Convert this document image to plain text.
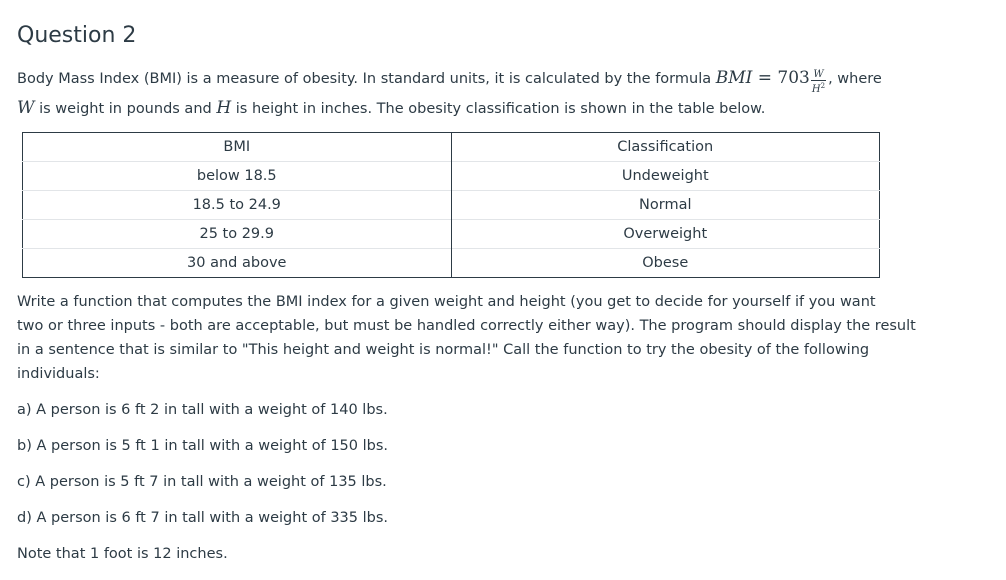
Question 2
Body Mass Index (BMI) is a measure of obesity. In standard units, it is calculated by the formula BMI = $703 \frac{W}{H^2}$ , where
W is weight in pounds and H is height in inches. The obesity classification is shown in the table below.
BMI	Classification
below 18.5	Undeweight
18.5 to 24.9	Normal
25 to 29.9	Overweight
30 and above	Obese
Write a function that computes the BMI index for a given weight and height (you get to decide for yourself if you want
two or three inputs - both are acceptable, but must be handled correctly either way). The program should display the result
in a sentence that is similar to "This height and weight is normal!" Call the function to try the obesity of the following
individuals:
a) A person is 6 ft 2 in tall with a weight of 140 lbs.
b) A person is 5 ft 1 in tall with a weight of 150 lbs.
c) A person is 5 ft 7 in tall with a weight of 135 lbs.
d) A person is 6 ft 7 in tall with a weight of 335 lbs.
Note that 1 foot is 12 inches.
